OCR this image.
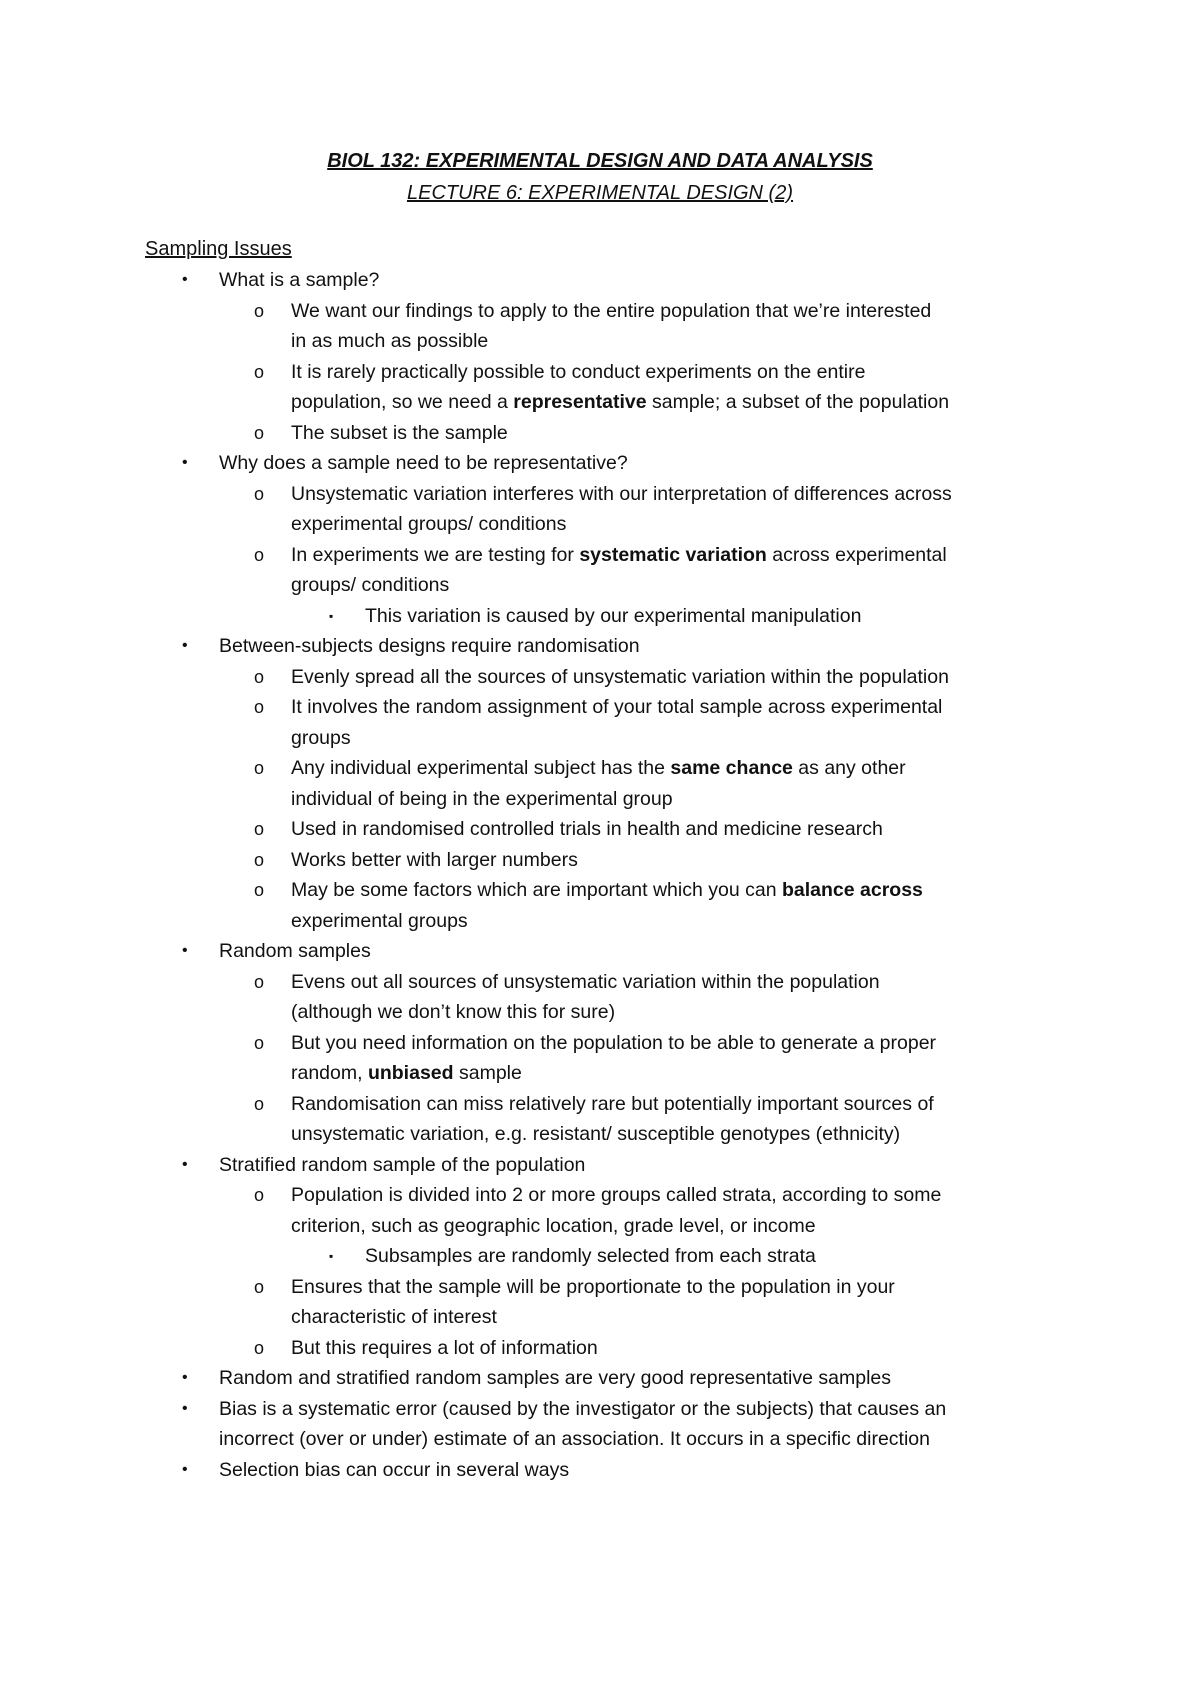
BIOL 132: EXPERIMENTAL DESIGN AND DATA ANALYSIS
LECTURE 6: EXPERIMENTAL DESIGN (2)
Sampling Issues
• What is a sample?
o We want our findings to apply to the entire population that we’re interested
in as much as possible
o It is rarely practically possible to conduct experiments on the entire
population, so we need a representative sample; a subset of the population
o The subset is the sample
• Why does a sample need to be representative?
o Unsystematic variation interferes with our interpretation of differences across
experimental groups/ conditions
o In experiments we are testing for systematic variation across experimental
groups/ conditions
▪ This variation is caused by our experimental manipulation
• Between-subjects designs require randomisation
o Evenly spread all the sources of unsystematic variation within the population
o It involves the random assignment of your total sample across experimental
groups
o Any individual experimental subject has the same chance as any other
individual of being in the experimental group
o Used in randomised controlled trials in health and medicine research
o Works better with larger numbers
o May be some factors which are important which you can balance across
experimental groups
• Random samples
o Evens out all sources of unsystematic variation within the population
(although we don’t know this for sure)
o But you need information on the population to be able to generate a proper
random, unbiased sample
o Randomisation can miss relatively rare but potentially important sources of
unsystematic variation, e.g. resistant/ susceptible genotypes (ethnicity)
• Stratified random sample of the population
o Population is divided into 2 or more groups called strata, according to some
criterion, such as geographic location, grade level, or income
▪ Subsamples are randomly selected from each strata
o Ensures that the sample will be proportionate to the population in your
characteristic of interest
o But this requires a lot of information
• Random and stratified random samples are very good representative samples
• Bias is a systematic error (caused by the investigator or the subjects) that causes an
incorrect (over or under) estimate of an association. It occurs in a specific direction
• Selection bias can occur in several ways
